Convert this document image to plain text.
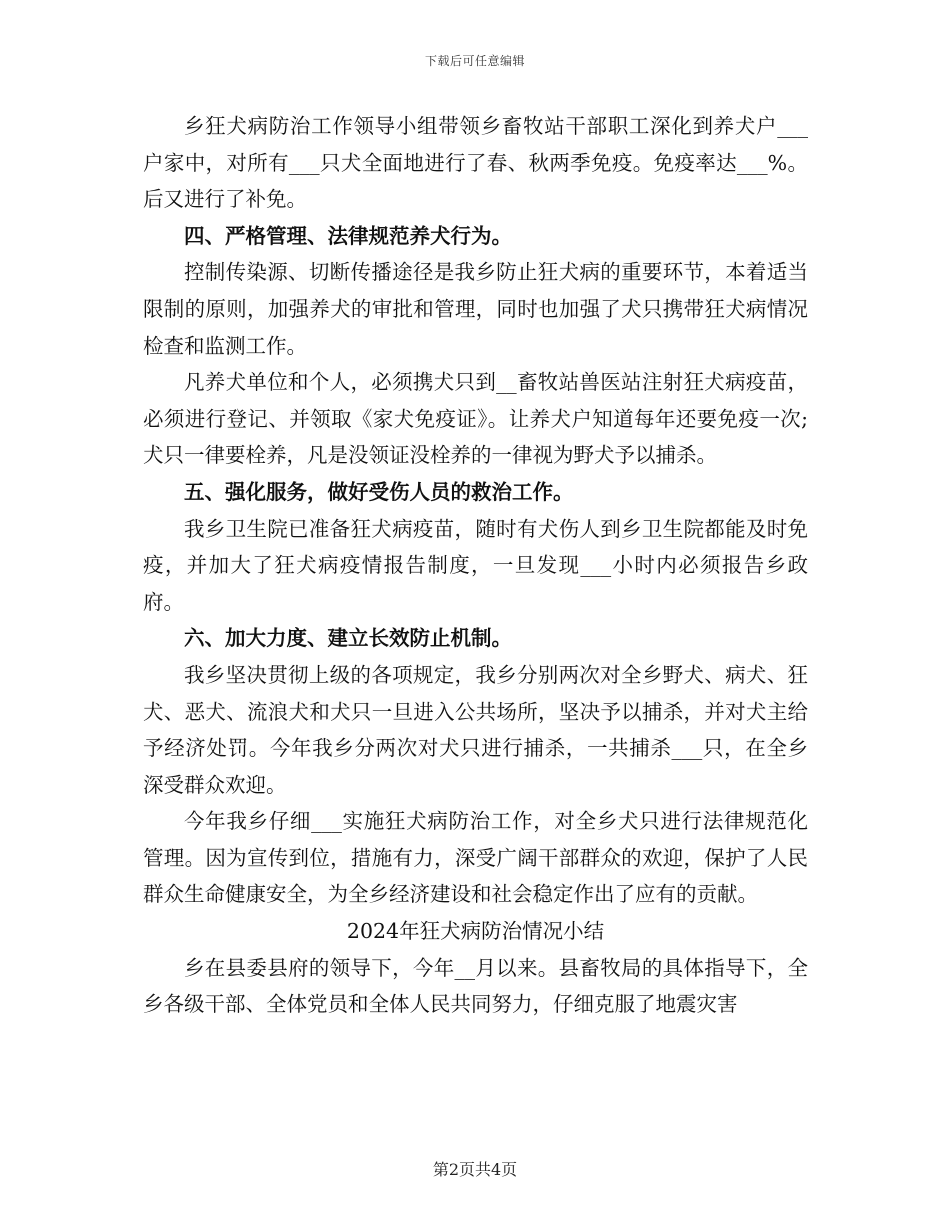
下载后可任意编辑

乡狂犬病防治工作领导小组带领乡畜牧站干部职工深化到养犬户___户家中，对所有___只犬全面地进行了春、秋两季免疫。免疫率达___%。后又进行了补免。

四、严格管理、法律规范养犬行为。

控制传染源、切断传播途径是我乡防止狂犬病的重要环节，本着适当限制的原则，加强养犬的审批和管理，同时也加强了犬只携带狂犬病情况检查和监测工作。

凡养犬单位和个人，必须携犬只到__畜牧站兽医站注射狂犬病疫苗，必须进行登记、并领取《家犬免疫证》。让养犬户知道每年还要免疫一次;犬只一律要栓养，凡是没领证没栓养的一律视为野犬予以捕杀。

五、强化服务，做好受伤人员的救治工作。

我乡卫生院已准备狂犬病疫苗，随时有犬伤人到乡卫生院都能及时免疫，并加大了狂犬病疫情报告制度，一旦发现___小时内必须报告乡政府。

六、加大力度、建立长效防止机制。

我乡坚决贯彻上级的各项规定，我乡分别两次对全乡野犬、病犬、狂犬、恶犬、流浪犬和犬只一旦进入公共场所，坚决予以捕杀，并对犬主给予经济处罚。今年我乡分两次对犬只进行捕杀，一共捕杀___只，在全乡深受群众欢迎。

今年我乡仔细___实施狂犬病防治工作，对全乡犬只进行法律规范化管理。因为宣传到位，措施有力，深受广阔干部群众的欢迎，保护了人民群众生命健康安全，为全乡经济建设和社会稳定作出了应有的贡献。

2024年狂犬病防治情况小结

乡在县委县府的领导下，今年__月以来。县畜牧局的具体指导下，全乡各级干部、全体党员和全体人民共同努力，仔细克服了地震灾害

第2页共4页
